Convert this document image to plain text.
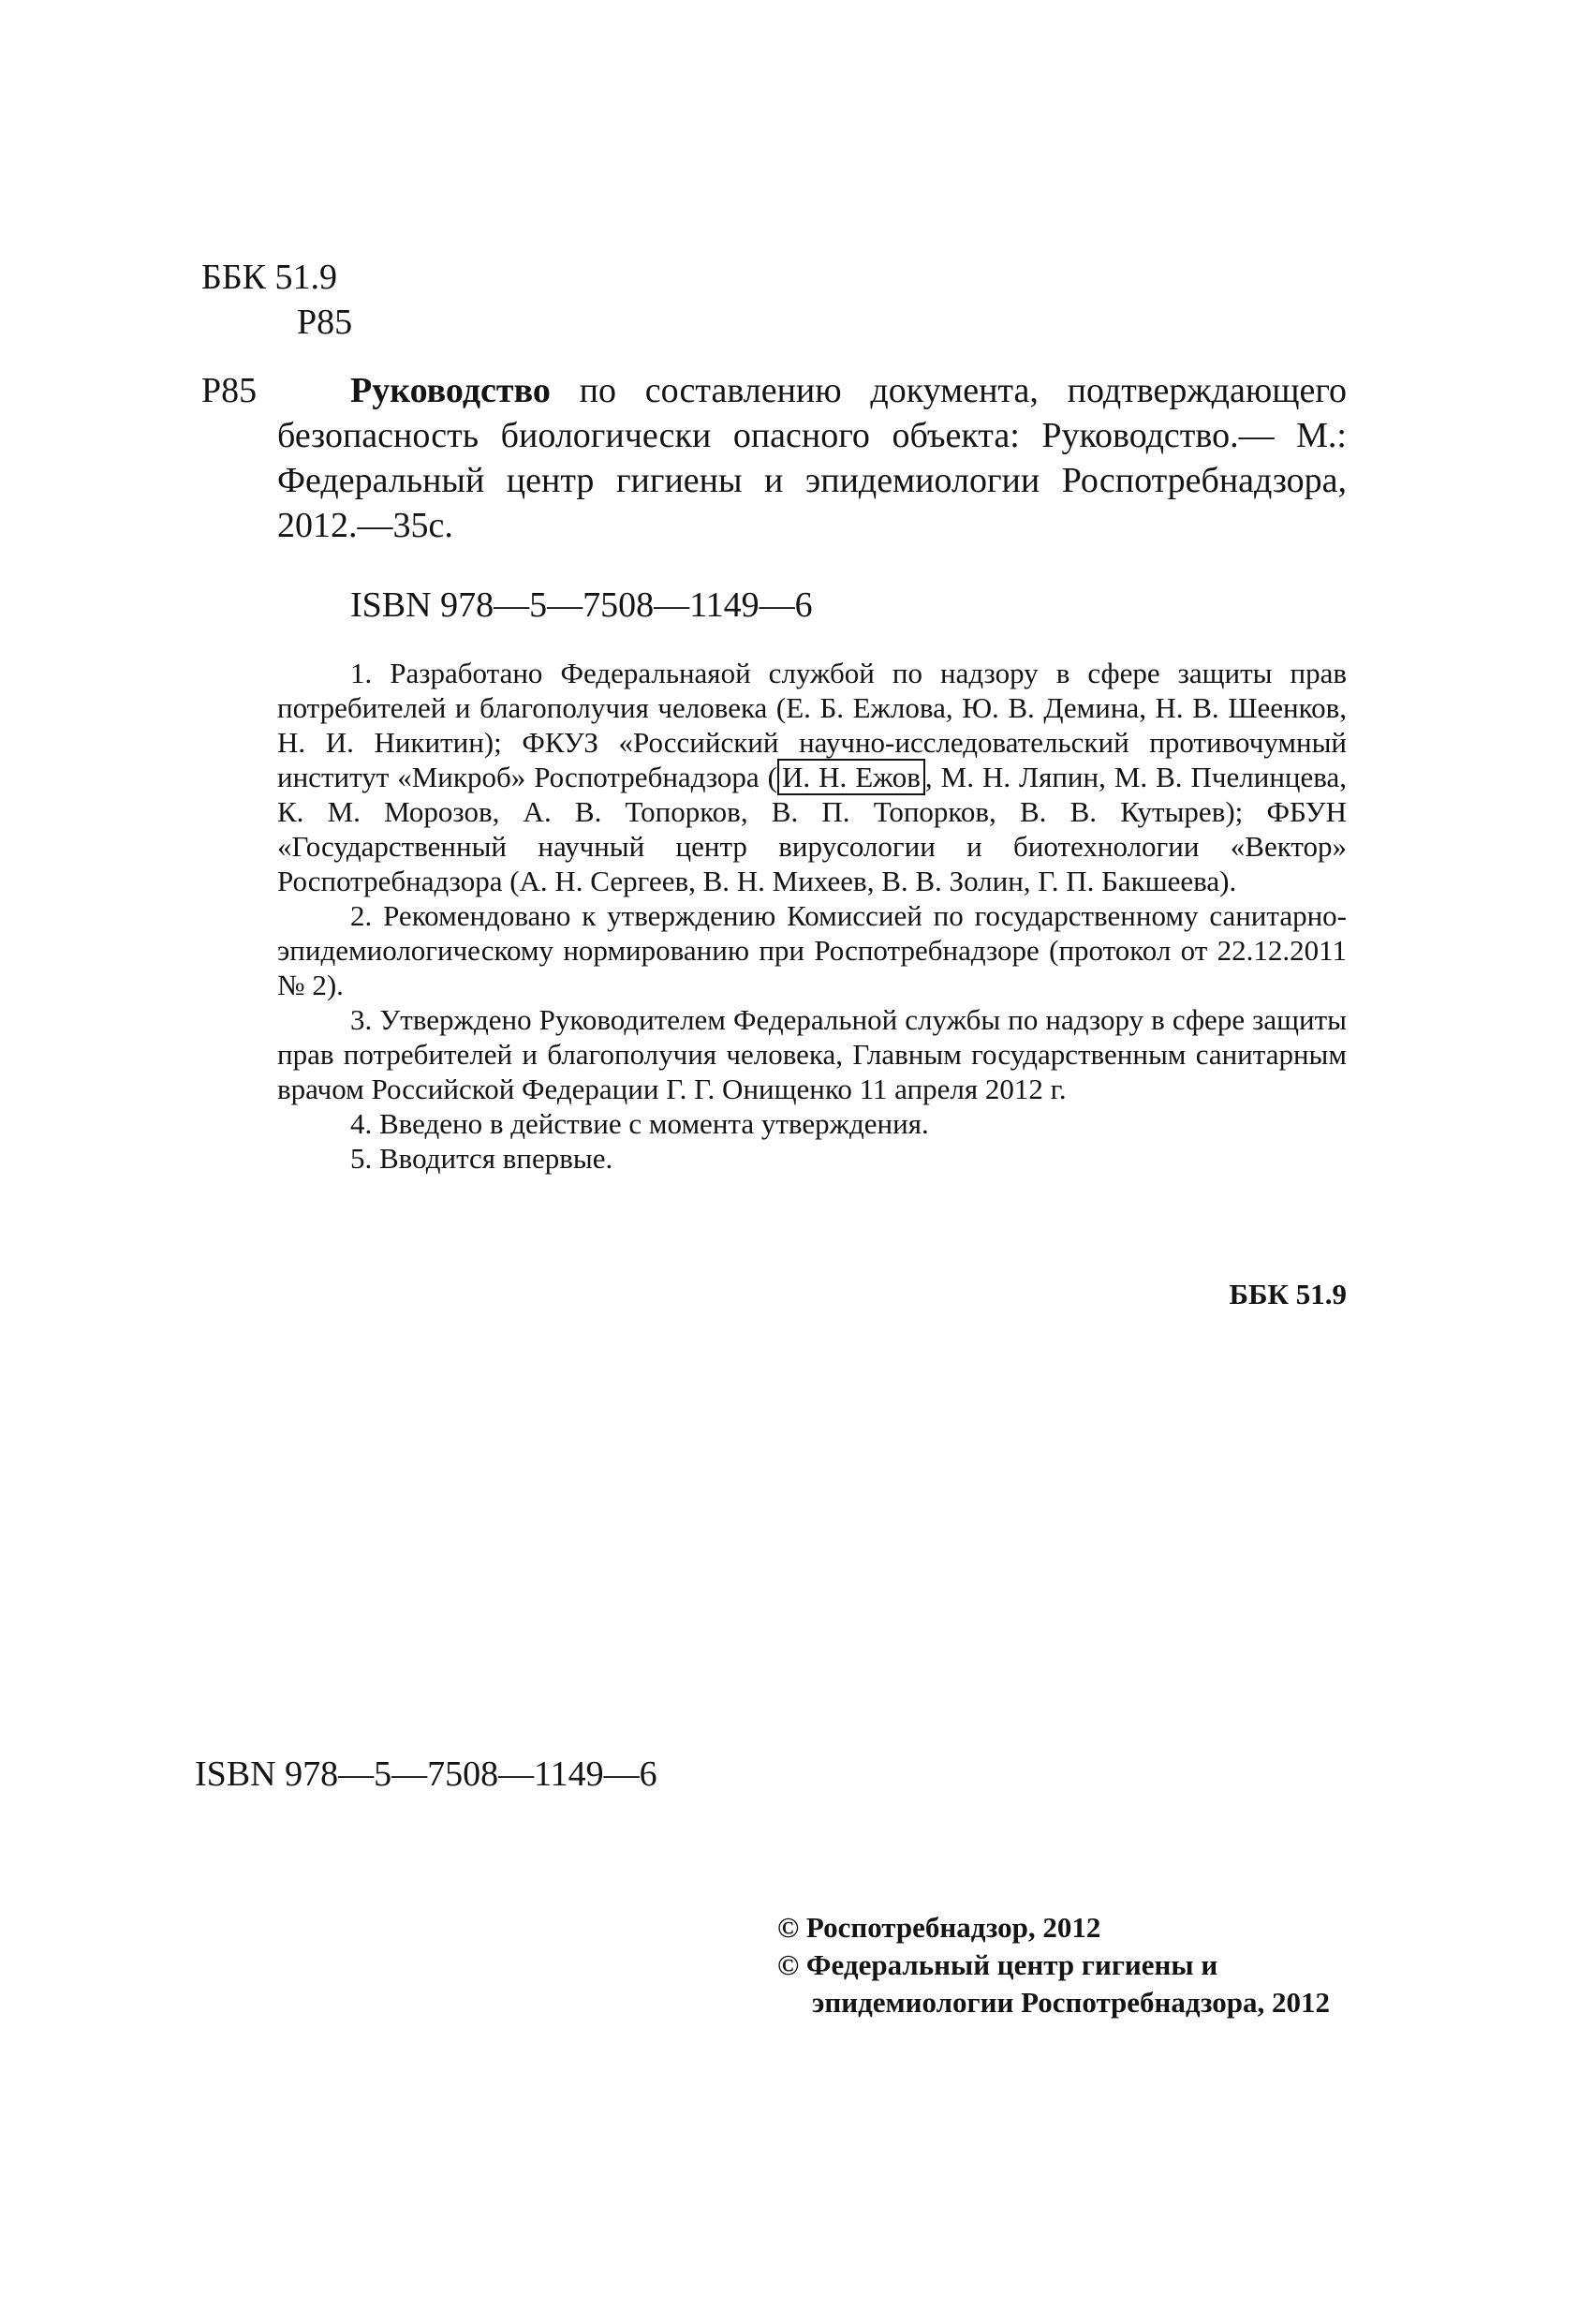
ББК 51.9
Р85
Р85	Руководство по составлению документа, подтверждающего безопасность биологически опасного объекта: Руководство.— М.: Федеральный центр гигиены и эпидемиологии Роспотребнадзора, 2012.—35с.
ISBN 978—5—7508—1149—6

1. Разработано Федеральнаяой службой по надзору в сфере защиты прав потребителей и благополучия человека (Е. Б. Ежлова, Ю. В. Демина, Н. В. Шеенков, Н. И. Никитин); ФКУЗ «Российский научно-исследовательский противочумный институт «Микроб» Роспотребнадзора ( И. Н. Ежов , М. Н. Ляпин, М. В. Пчелинцева, К. М. Морозов, А. В. Топорков, В. П. Топорков, В. В. Кутырев); ФБУН «Государственный научный центр вирусологии и биотехнологии «Вектор» Роспотребнадзора (А. Н. Сергеев, В. Н. Михеев, В. В. Золин, Г. П. Бакшеева).

2. Рекомендовано к утверждению Комиссией по государственному санитарно-эпидемиологическому нормированию при Роспотребнадзоре (протокол от 22.12.2011 № 2).

3. Утверждено Руководителем Федеральной службы по надзору в сфере защиты прав потребителей и благополучия человека, Главным государственным санитарным врачом Российской Федерации Г. Г. Онищенко 11 апреля 2012 г.

4. Введено в действие с момента утверждения.

5. Вводится впервые.

ББК 51.9
ISBN 978—5—7508—1149—6
© Роспотребнадзор, 2012
© Федеральный центр гигиены и
эпидемиологии Роспотребнадзора, 2012
